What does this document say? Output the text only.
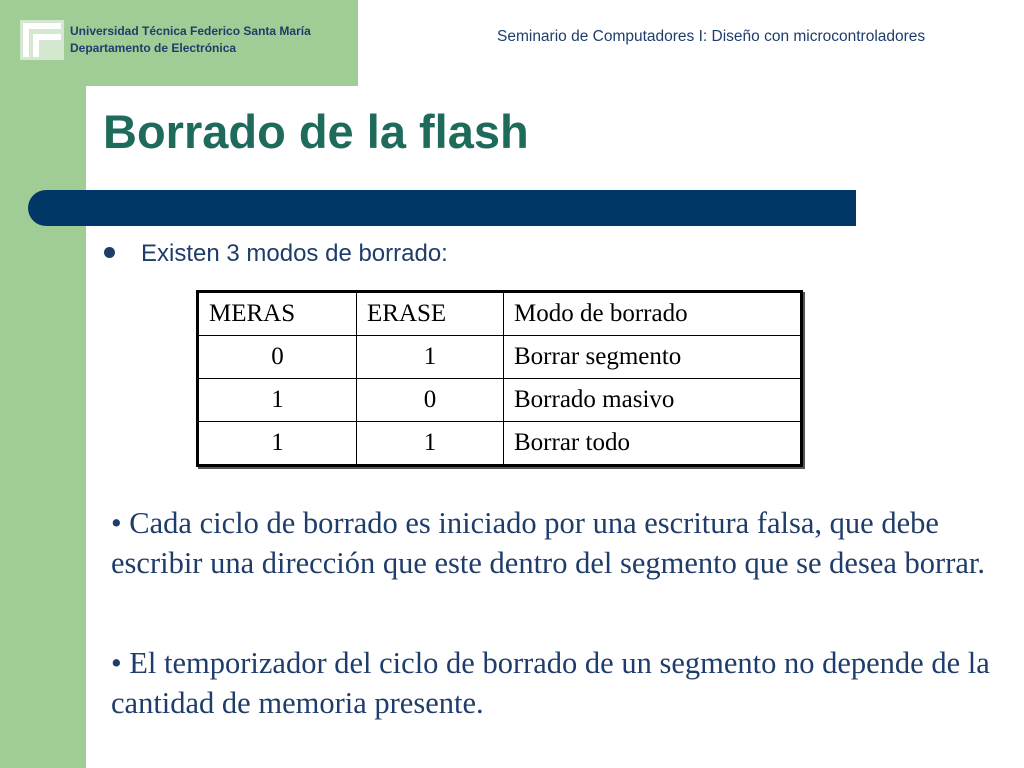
Universidad Técnica Federico Santa María
Departamento de Electrónica
Seminario de Computadores I: Diseño con microcontroladores
Borrado de la flash
Existen 3 modos de borrado:
MERAS	ERASE	Modo de borrado
0	1	Borrar segmento
1	0	Borrado masivo
1	1	Borrar todo
• Cada ciclo de borrado es iniciado por una escritura falsa, que debe escribir una dirección que este dentro del segmento que se desea borrar.
• El temporizador del ciclo de borrado de un segmento no depende de la cantidad de memoria presente.
